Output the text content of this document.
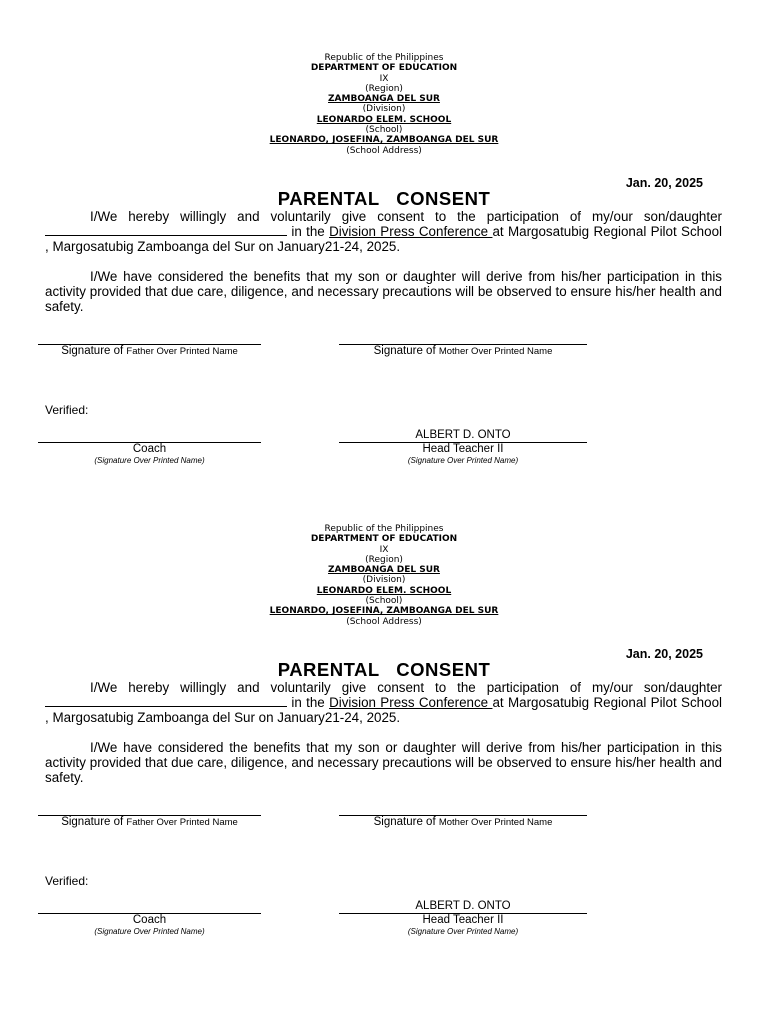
Republic of the Philippines
DEPARTMENT OF EDUCATION
IX
(Region)
ZAMBOANGA DEL SUR
(Division)
LEONARDO ELEM. SCHOOL
(School)
LEONARDO, JOSEFINA, ZAMBOANGA DEL SUR
(School Address)
Jan. 20, 2025
PARENTAL   CONSENT
I/We hereby willingly and voluntarily give consent to the participation of my/our son/daughter  in the Division Press Conference at Margosatubig Regional Pilot School , Margosatubig Zamboanga del Sur on January21-24, 2025.
I/We have considered the benefits that my son or daughter will derive from his/her participation in this activity provided that due care, diligence, and necessary precautions will be observed to ensure his/her health and safety.
Signature of Father Over Printed Name	Signature of Mother Over Printed Name
Verified:
Coach
(Signature Over Printed Name)
ALBERT D. ONTO
Head Teacher II
(Signature Over Printed Name)
Republic of the Philippines
DEPARTMENT OF EDUCATION
IX
(Region)
ZAMBOANGA DEL SUR
(Division)
LEONARDO ELEM. SCHOOL
(School)
LEONARDO, JOSEFINA, ZAMBOANGA DEL SUR
(School Address)
Jan. 20, 2025
PARENTAL   CONSENT
I/We hereby willingly and voluntarily give consent to the participation of my/our son/daughter  in the Division Press Conference at Margosatubig Regional Pilot School , Margosatubig Zamboanga del Sur on January21-24, 2025.
I/We have considered the benefits that my son or daughter will derive from his/her participation in this activity provided that due care, diligence, and necessary precautions will be observed to ensure his/her health and safety.
Signature of Father Over Printed Name	Signature of Mother Over Printed Name
Verified:
Coach
(Signature Over Printed Name)
ALBERT D. ONTO
Head Teacher II
(Signature Over Printed Name)
